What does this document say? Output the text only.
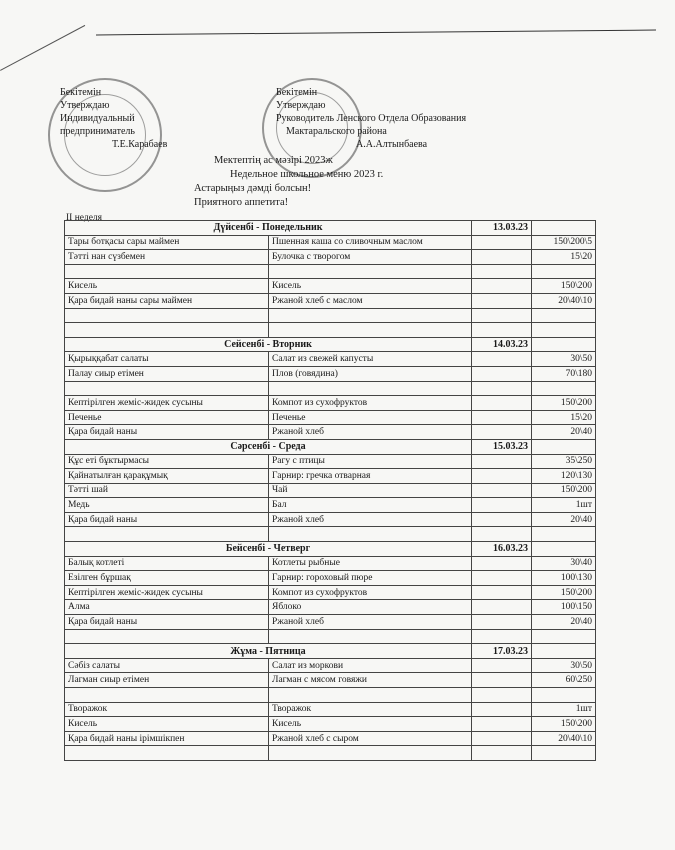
Бекітемін
Утверждаю
Индивидуальный
предприниматель
Т.Е.Карабаев
Бекітемін
Утверждаю
Руководитель Ленского Отдела Образования
Мактаральского района
А.А.Алтынбаева
Мектептің ас мәзірі 2023ж
Недельное школьное меню 2023 г.
Астарыңыз дәмді болсын!
Приятного аппетита!
II неделя
Дүйсенбі - Понедельник		13.03.23	
Тары ботқасы сары маймен	Пшенная каша со сливочным маслом		150\200\5
Тәтті нан сүзбемен	Булочка с творогом		15\20

Кисель	Кисель		150\200
Қара бидай наны сары маймен	Ржаной хлеб с маслом		20\40\10

Сейсенбі - Вторник		14.03.23	
Қырыққабат салаты	Салат из свежей капусты		30\50
Палау сиыр етімен	Плов (говядина)		70\180

Кептірілген жеміс-жидек сусыны	Компот из сухофруктов		150\200
Печенье	Печенье		15\20
Қара бидай наны	Ржаной хлеб		20\40
Сәрсенбі - Среда		15.03.23	
Құс еті бұктырмасы	Рагу с птицы		35\250
Қайнатылған қарақұмық	Гарнир: гречка отварная		120\130
Тәтті шай	Чай		150\200
Медь	Бал		1шт
Қара бидай наны	Ржаной хлеб		20\40

Бейсенбі - Четверг		16.03.23	
Балық котлеті	Котлеты рыбные		30\40
Езілген бұршақ	Гарнир: гороховый пюре		100\130
Кептірілген жеміс-жидек сусыны	Компот из сухофруктов		150\200
Алма	Яблоко		100\150
Қара бидай наны	Ржаной хлеб		20\40

Жұма - Пятница		17.03.23	
Сәбіз салаты	Салат из моркови		30\50
Лагман сиыр етімен	Лагман с мясом говяжи		60\250

Творажок	Творажок		1шт
Кисель	Кисель		150\200
Қара бидай наны ірімшікпен	Ржаной хлеб с сыром		20\40\10
